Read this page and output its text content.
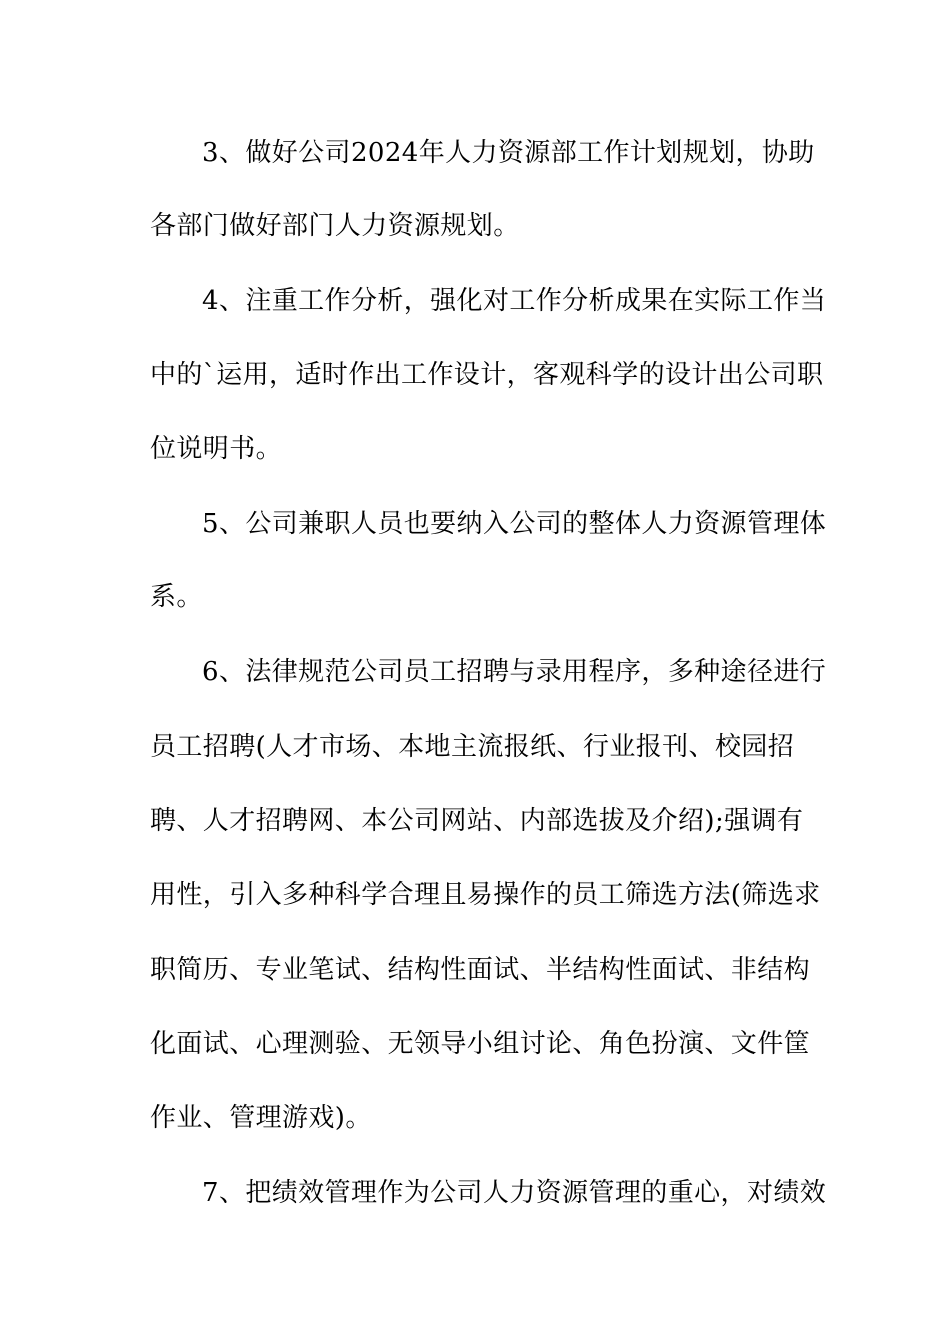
3、做好公司2024年人力资源部工作计划规划，协助
各部门做好部门人力资源规划。
4、注重工作分析，强化对工作分析成果在实际工作当
中的`运用，适时作出工作设计，客观科学的设计出公司职
位说明书。
5、公司兼职人员也要纳入公司的整体人力资源管理体
系。
6、法律规范公司员工招聘与录用程序，多种途径进行
员工招聘(人才市场、本地主流报纸、行业报刊、校园招
聘、人才招聘网、本公司网站、内部选拔及介绍);强调有
用性，引入多种科学合理且易操作的员工筛选方法(筛选求
职简历、专业笔试、结构性面试、半结构性面试、非结构
化面试、心理测验、无领导小组讨论、角色扮演、文件筐
作业、管理游戏)。
7、把绩效管理作为公司人力资源管理的重心，对绩效
